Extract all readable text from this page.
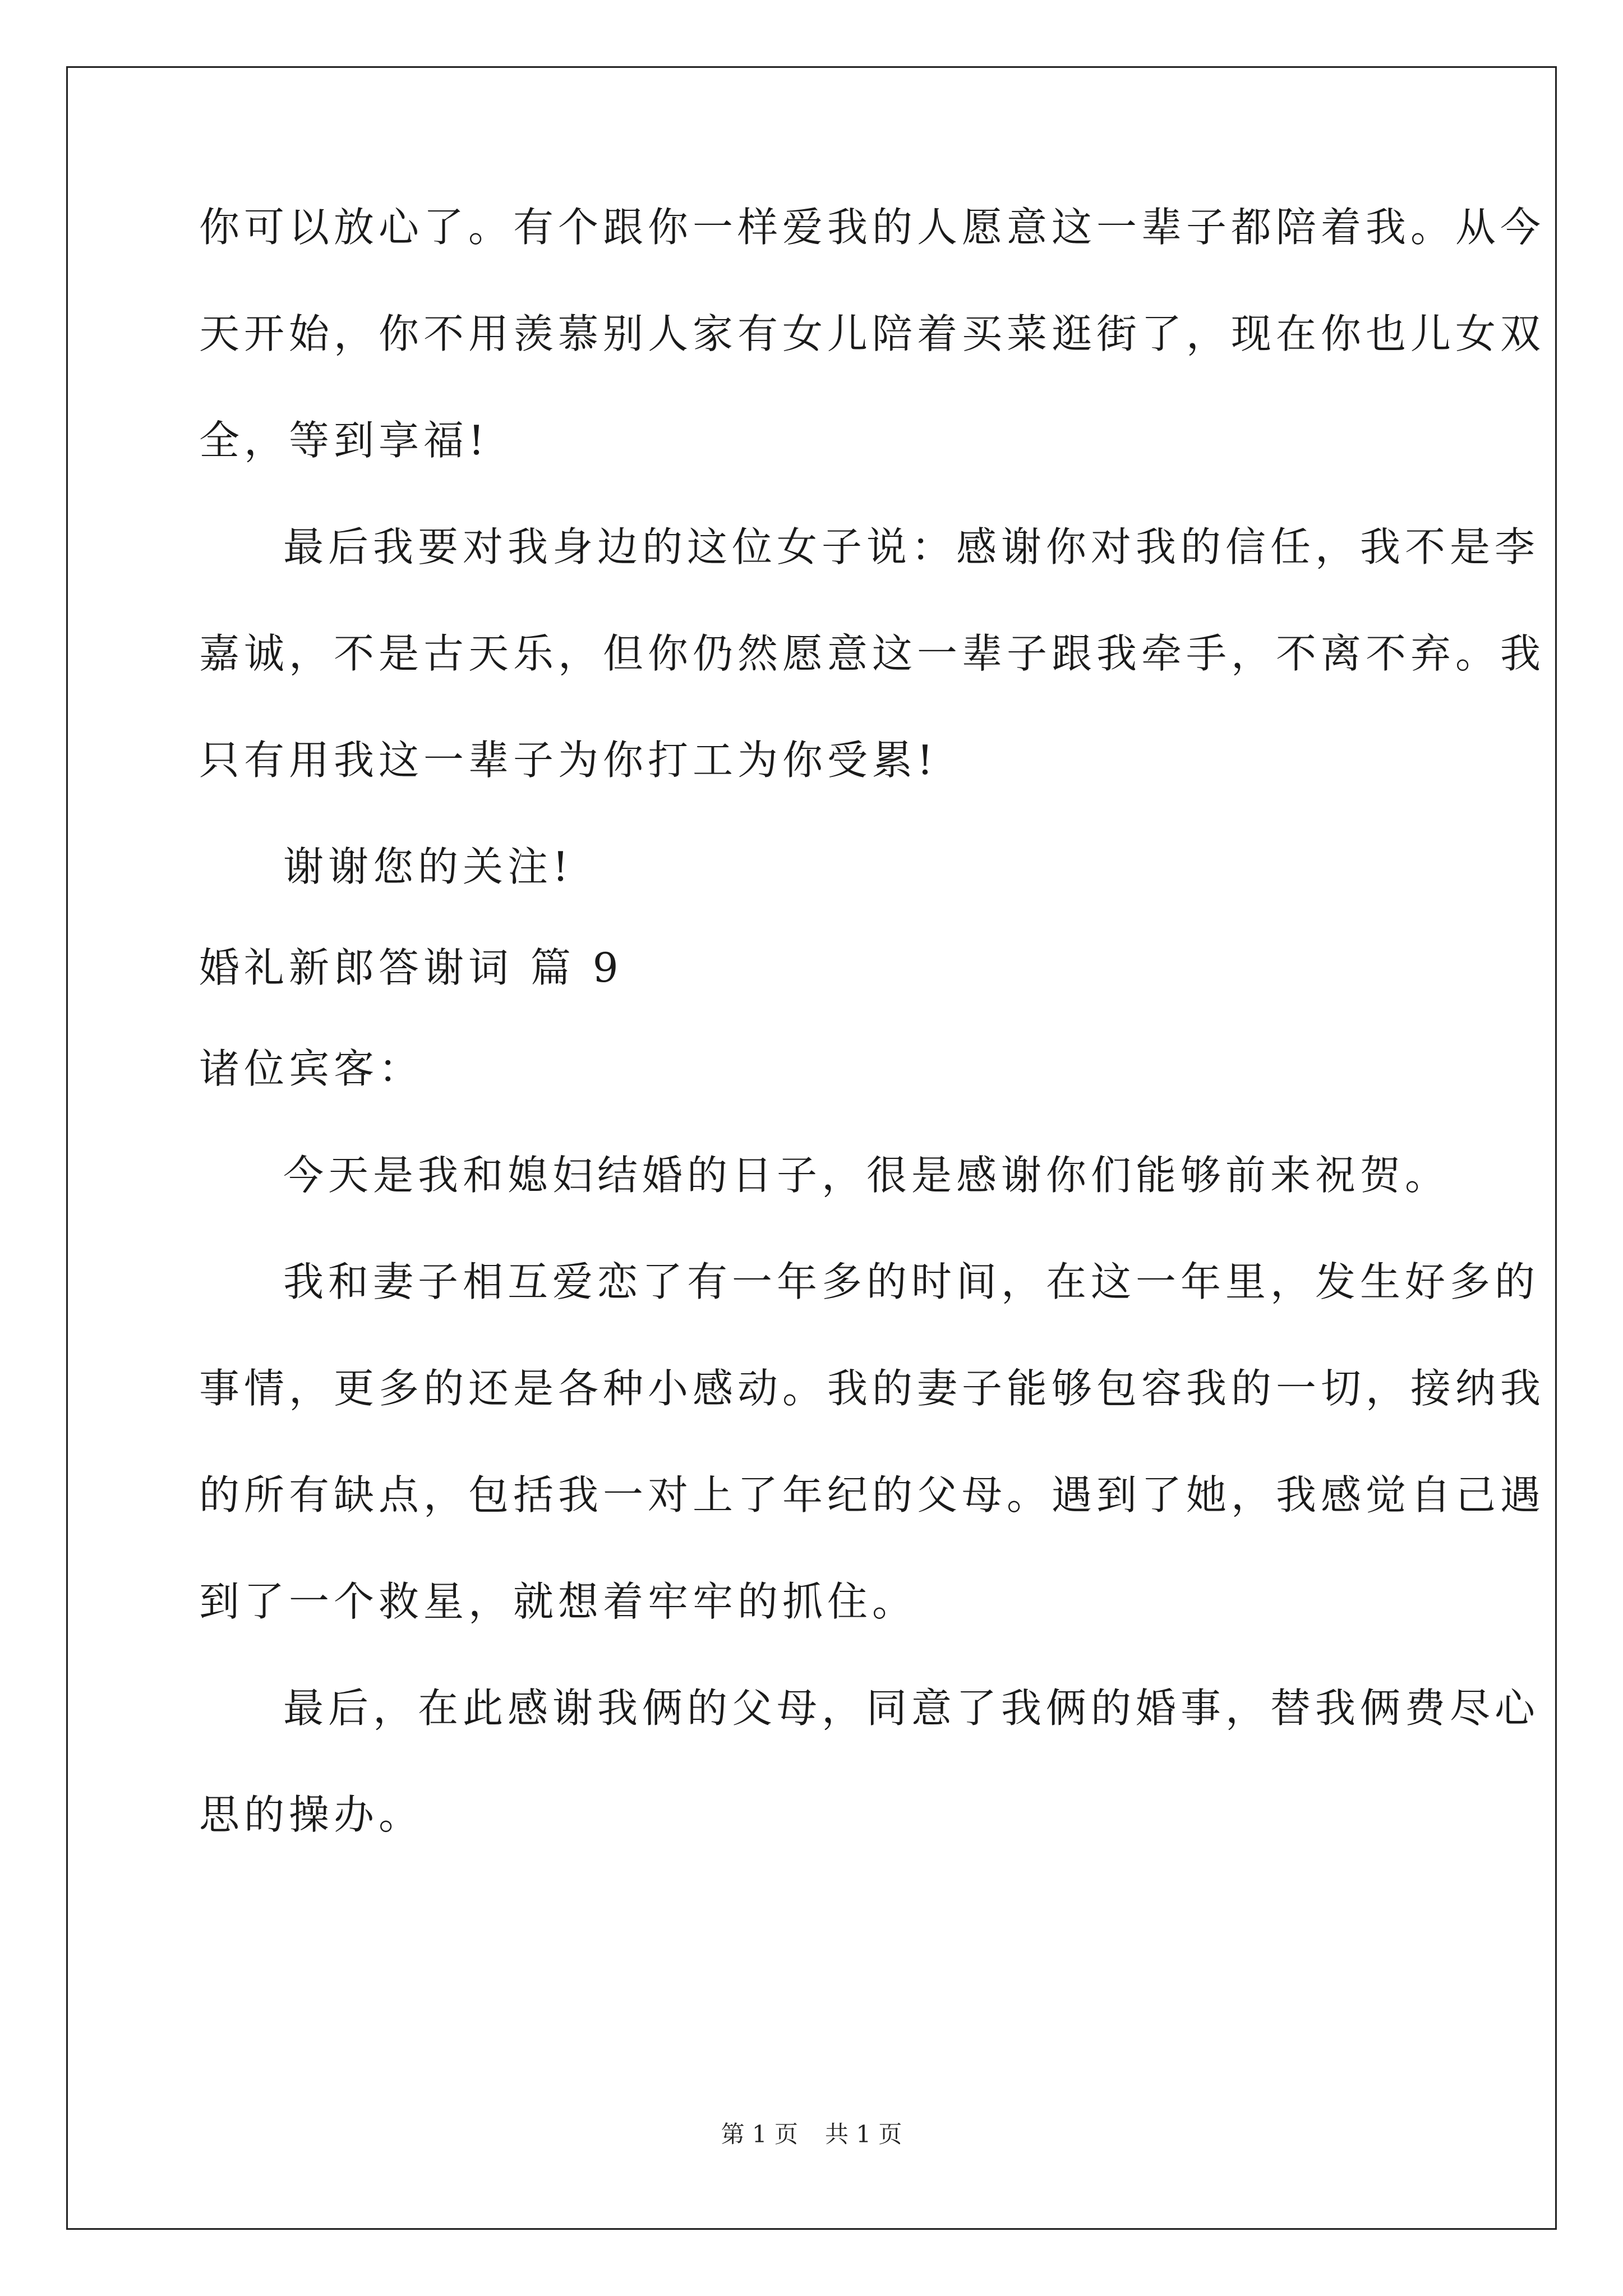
你可以放心了。有个跟你一样爱我的人愿意这一辈子都陪着我。从今
天开始，你不用羡慕别人家有女儿陪着买菜逛街了，现在你也儿女双
全，等到享福!
最后我要对我身边的这位女子说：感谢你对我的信任，我不是李
嘉诚，不是古天乐，但你仍然愿意这一辈子跟我牵手，不离不弃。我
只有用我这一辈子为你打工为你受累!
谢谢您的关注!
婚礼新郎答谢词 篇 9
诸位宾客：
今天是我和媳妇结婚的日子，很是感谢你们能够前来祝贺。
我和妻子相互爱恋了有一年多的时间，在这一年里，发生好多的
事情，更多的还是各种小感动。我的妻子能够包容我的一切，接纳我
的所有缺点，包括我一对上了年纪的父母。遇到了她，我感觉自己遇
到了一个救星，就想着牢牢的抓住。
最后，在此感谢我俩的父母，同意了我俩的婚事，替我俩费尽心
思的操办。
第 1 页 共 1 页
